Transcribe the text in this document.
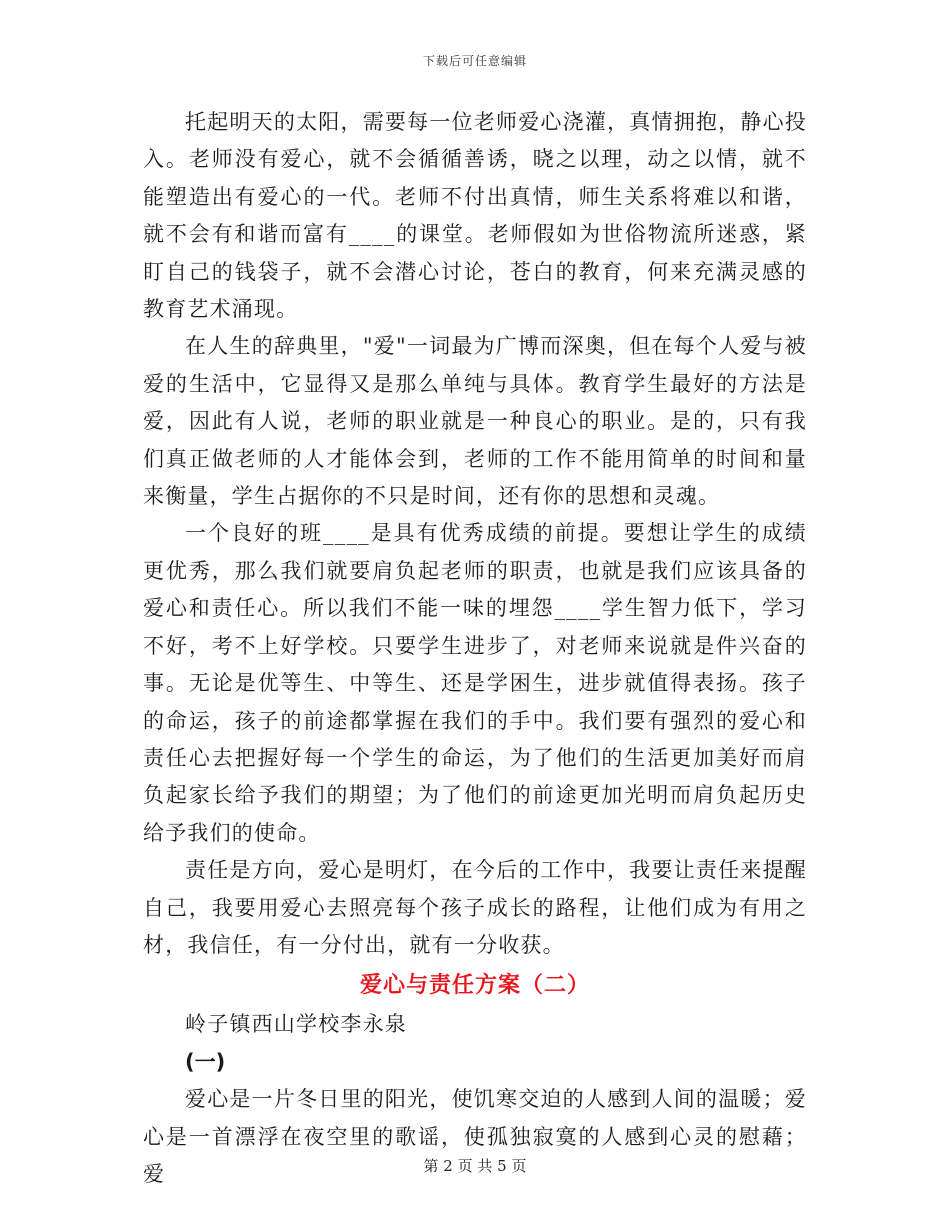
下载后可任意编辑

托起明天的太阳，需要每一位老师爱心浇灌，真情拥抱，静心投入。老师没有爱心，就不会循循善诱，晓之以理，动之以情，就不能塑造出有爱心的一代。老师不付出真情，师生关系将难以和谐，就不会有和谐而富有____的课堂。老师假如为世俗物流所迷惑，紧盯自己的钱袋子，就不会潜心讨论，苍白的教育，何来充满灵感的教育艺术涌现。

在人生的辞典里，"爱"一词最为广博而深奥，但在每个人爱与被爱的生活中，它显得又是那么单纯与具体。教育学生最好的方法是爱，因此有人说，老师的职业就是一种良心的职业。是的，只有我们真正做老师的人才能体会到，老师的工作不能用简单的时间和量来衡量，学生占据你的不只是时间，还有你的思想和灵魂。

一个良好的班____是具有优秀成绩的前提。要想让学生的成绩更优秀，那么我们就要肩负起老师的职责，也就是我们应该具备的爱心和责任心。所以我们不能一味的埋怨____学生智力低下，学习不好，考不上好学校。只要学生进步了，对老师来说就是件兴奋的事。无论是优等生、中等生、还是学困生，进步就值得表扬。孩子的命运，孩子的前途都掌握在我们的手中。我们要有强烈的爱心和责任心去把握好每一个学生的命运，为了他们的生活更加美好而肩负起家长给予我们的期望；为了他们的前途更加光明而肩负起历史给予我们的使命。

责任是方向，爱心是明灯，在今后的工作中，我要让责任来提醒自己，我要用爱心去照亮每个孩子成长的路程，让他们成为有用之材，我信任，有一分付出，就有一分收获。

爱心与责任方案（二）

岭子镇西山学校李永泉

(一)

爱心是一片冬日里的阳光，使饥寒交迫的人感到人间的温暖；爱心是一首漂浮在夜空里的歌谣，使孤独寂寞的人感到心灵的慰藉；爱	第 2 页 共 5 页
